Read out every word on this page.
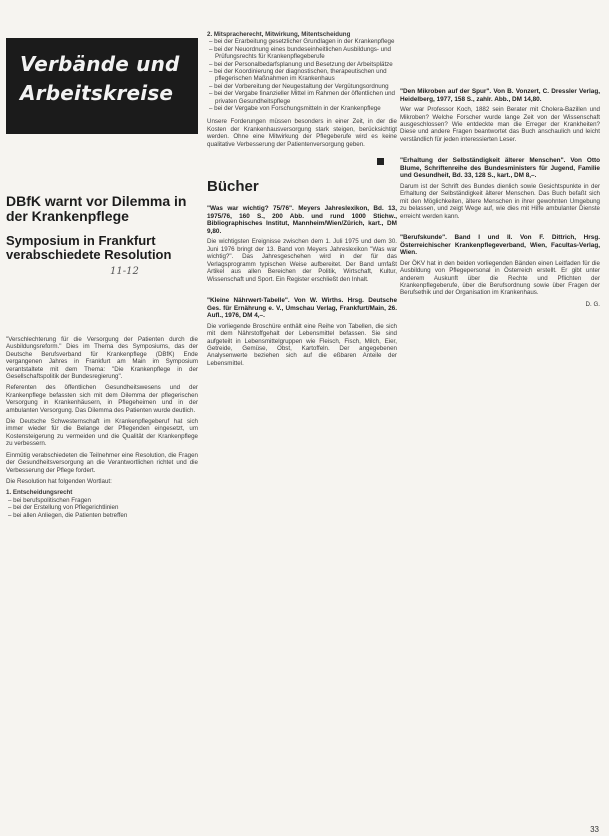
Verbände und
Arbeitskreise
DBfK warnt vor Dilemma in der Krankenpflege
Symposium in Frankfurt verabschiedete Resolution
11-12

"Verschlechterung für die Versorgung der Patienten durch die Ausbildungsreform." Dies im Thema des Symposiums, das der Deutsche Berufsverband für Krankenpflege (DBfK) Ende vergangenen Jahres in Frankfurt am Main im Symposium verantstaltete mit dem Thema: "Die Krankenpflege in der Gesellschaftspolitik der Bundesregierung".

Referenten des öffentlichen Gesundheitswesens und der Krankenpflege befassten sich mit dem Dilemma der pflegerischen Versorgung in Krankenhäusern, in Pflegeheimen und in der ambulanten Versorgung. Das Dilemma des Patienten wurde deutlich.

Die Deutsche Schwesternschaft im Krankenpflegeberuf hat sich immer wieder für die Belange der Pflegenden eingesetzt, um Kostensteigerung zu vermeiden und die Qualität der Krankenpflege zu verbessern.

Einmütig verabschiedeten die Teilnehmer eine Resolution, die Fragen der Gesundheitsversorgung an die Verantwortlichen richtet und die Verbesserung der Pflege fordert.

Die Resolution hat folgenden Wortlaut:

1. Entscheidungsrecht
– bei berufspolitischen Fragen
– bei der Erstellung von Pflegerichtlinien
– bei allen Anliegen, die Patienten betreffen
2. Mitspracherecht, Mitwirkung, Mitentscheidung
– bei der Erarbeitung gesetzlicher Grundlagen in der Krankenpflege
– bei der Neuordnung eines bundeseinheitlichen Ausbildungs- und Prüfungsrechts für Krankenpflegeberufe
– bei der Personalbedarfsplanung und Besetzung der Arbeitsplätze
– bei der Koordinierung der diagnostischen, therapeutischen und pflegerischen Maßnahmen im Krankenhaus
– bei der Vorbereitung der Neugestaltung der Vergütungsordnung
– bei der Vergabe finanzieller Mittel im Rahmen der öffentlichen und privaten Gesundheitspflege
– bei der Vergabe von Forschungsmitteln in der Krankenpflege

Unsere Forderungen müssen besonders in einer Zeit, in der die Kosten der Krankenhausversorgung stark steigen, berücksichtigt werden. Ohne eine Mitwirkung der Pflegeberufe wird es keine qualitative Verbesserung der Patientenversorgung geben.

Bücher
"Was war wichtig? 75/76". Meyers Jahreslexikon, Bd. 13, 1975/76, 160 S., 200 Abb. und rund 1000 Stichw., Bibliographisches Institut, Mannheim/Wien/Zürich, kart., DM 9,80.

Die wichtigsten Ereignisse zwischen dem 1. Juli 1975 und dem 30. Juni 1976 bringt der 13. Band von Meyers Jahreslexikon "Was war wichtig?". Das Jahresgeschehen wird in der für das Verlagsprogramm typischen Weise aufbereitet. Der Band umfaßt Artikel aus allen Bereichen der Politik, Wirtschaft, Kultur, Wissenschaft und Sport. Ein Register erschließt den Inhalt.

"Kleine Nährwert-Tabelle". Von W. Wirths. Hrsg. Deutsche Ges. für Ernährung e. V., Umschau Verlag, Frankfurt/Main, 26. Aufl., 1976, DM 4,–.

Die vorliegende Broschüre enthält eine Reihe von Tabellen, die sich mit dem Nährstoffgehalt der Lebensmittel befassen. Sie sind aufgeteilt in Lebensmittelgruppen wie Fleisch, Fisch, Milch, Eier, Getreide, Gemüse, Obst, Kartoffeln. Der angegebenen Analysenwerte beziehen sich auf die eßbaren Anteile der Lebensmittel.

"Den Mikroben auf der Spur". Von B. Vonzert, C. Dressler Verlag, Heidelberg, 1977, 158 S., zahlr. Abb., DM 14,80.

Wer war Professor Koch, 1882 sein Berater mit Cholera-Bazillen und Mikroben? Welche Forscher wurde lange Zeit von der Wissenschaft ausgeschlossen? Wie entdeckte man die Erreger der Krankheiten? Diese und andere Fragen beantwortet das Buch anschaulich und leicht verständlich für jeden interessierten Leser.

"Erhaltung der Selbständigkeit älterer Menschen". Von Otto Blume, Schriftenreihe des Bundesministers für Jugend, Familie und Gesundheit, Bd. 33, 128 S., kart., DM 8,–.

Darum ist der Schrift des Bundes dienlich sowie Gesichtspunkte in der Erhaltung der Selbständigkeit älterer Menschen. Das Buch befaßt sich mit den Möglichkeiten, ältere Menschen in ihrer gewohnten Umgebung zu belassen, und zeigt Wege auf, wie dies mit Hilfe ambulanter Dienste erreicht werden kann.

"Berufskunde". Band I und II. Von F. Dittrich, Hrsg. Österreichischer Krankenpflegeverband, Wien, Facultas-Verlag, Wien.

Der ÖKV hat in den beiden vorliegenden Bänden einen Leitfaden für die Ausbildung von Pflegepersonal in Österreich erstellt. Er gibt unter anderem Auskunft über die Rechte und Pflichten der Krankenpflegeberufe, über die Berufsordnung sowie über Fragen der Berufsethik und der Organisation im Krankenhaus.

D. G.
33
